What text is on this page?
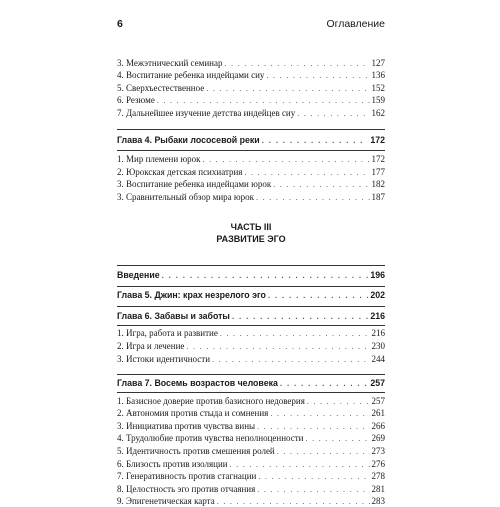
6	Оглавление
3. Межэтнический семинар . . .	127
4. Воспитание ребенка индейцами сиу . . .	136
5. Сверхъестественное . . .	152
6. Резюме . . .	159
7. Дальнейшее изучение детства индейцев сиу . . .	162
Глава 4. Рыбаки лососевой реки . . .	172
1. Мир племени юрок . . .	172
2. Юрокская детская психиатрия . . .	177
3. Воспитание ребенка индейцами юрок . . .	182
3. Сравнительный обзор мира юрок . . .	187
ЧАСТЬ III
РАЗВИТИЕ ЭГО
Введение . . .	196
Глава 5. Джин: крах незрелого эго . . .	202
Глава 6. Забавы и заботы . . .	216
1. Игра, работа и развитие . . .	216
2. Игра и лечение . . .	230
3. Истоки идентичности . . .	244
Глава 7. Восемь возрастов человека . . .	257
1. Базисное доверие против базисного недоверия . . .	257
2. Автономия против стыда и сомнения . . .	261
3. Инициатива против чувства вины . . .	266
4. Трудолюбие против чувства неполноценности . . .	269
5. Идентичность против смешения ролей . . .	273
6. Близость против изоляции . . .	276
7. Генеративность против стагнации . . .	278
8. Целостность эго против отчаяния . . .	281
9. Эпигенетическая карта . . .	283
